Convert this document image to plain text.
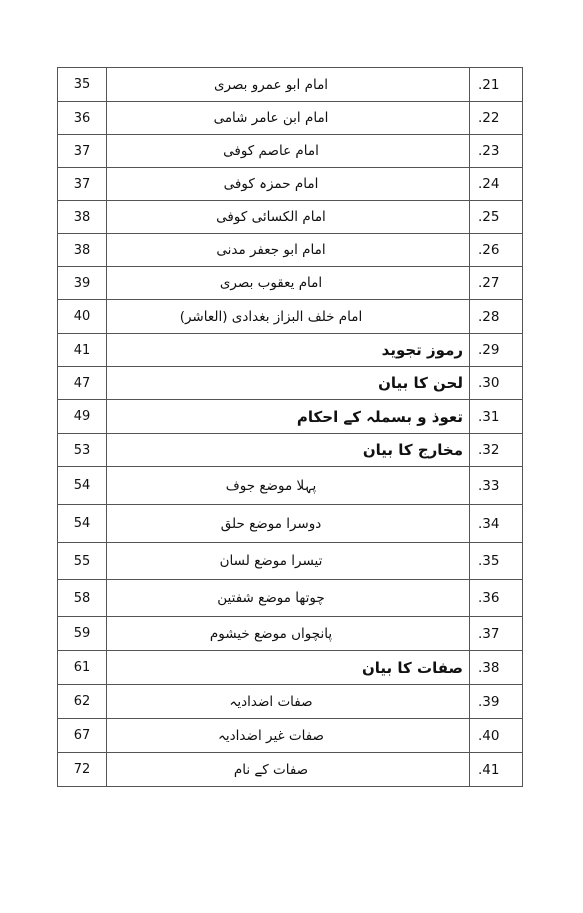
35	امام ابو عمرو بصری	.21
36	امام ابن عامر شامی	.22
37	امام عاصم کوفی	.23
37	امام حمزہ کوفی	.24
38	امام الکسائی کوفی	.25
38	امام ابو جعفر مدنی	.26
39	امام یعقوب بصری	.27
40	امام خلف البزاز بغدادی (العاشر)	.28
41	رموز تجوید	.29
47	لحن کا بیان	.30
49	تعوذ و بسملہ کے احکام	.31
53	مخارج کا بیان	.32
54	پہلا موضع جوف	.33
54	دوسرا موضع حلق	.34
55	تیسرا موضع لسان	.35
58	چوتھا موضع شفتین	.36
59	پانچواں موضع خیشوم	.37
61	صفات کا بیان	.38
62	صفات اضدادیہ	.39
67	صفات غیر اضدادیہ	.40
72	صفات کے نام	.41
